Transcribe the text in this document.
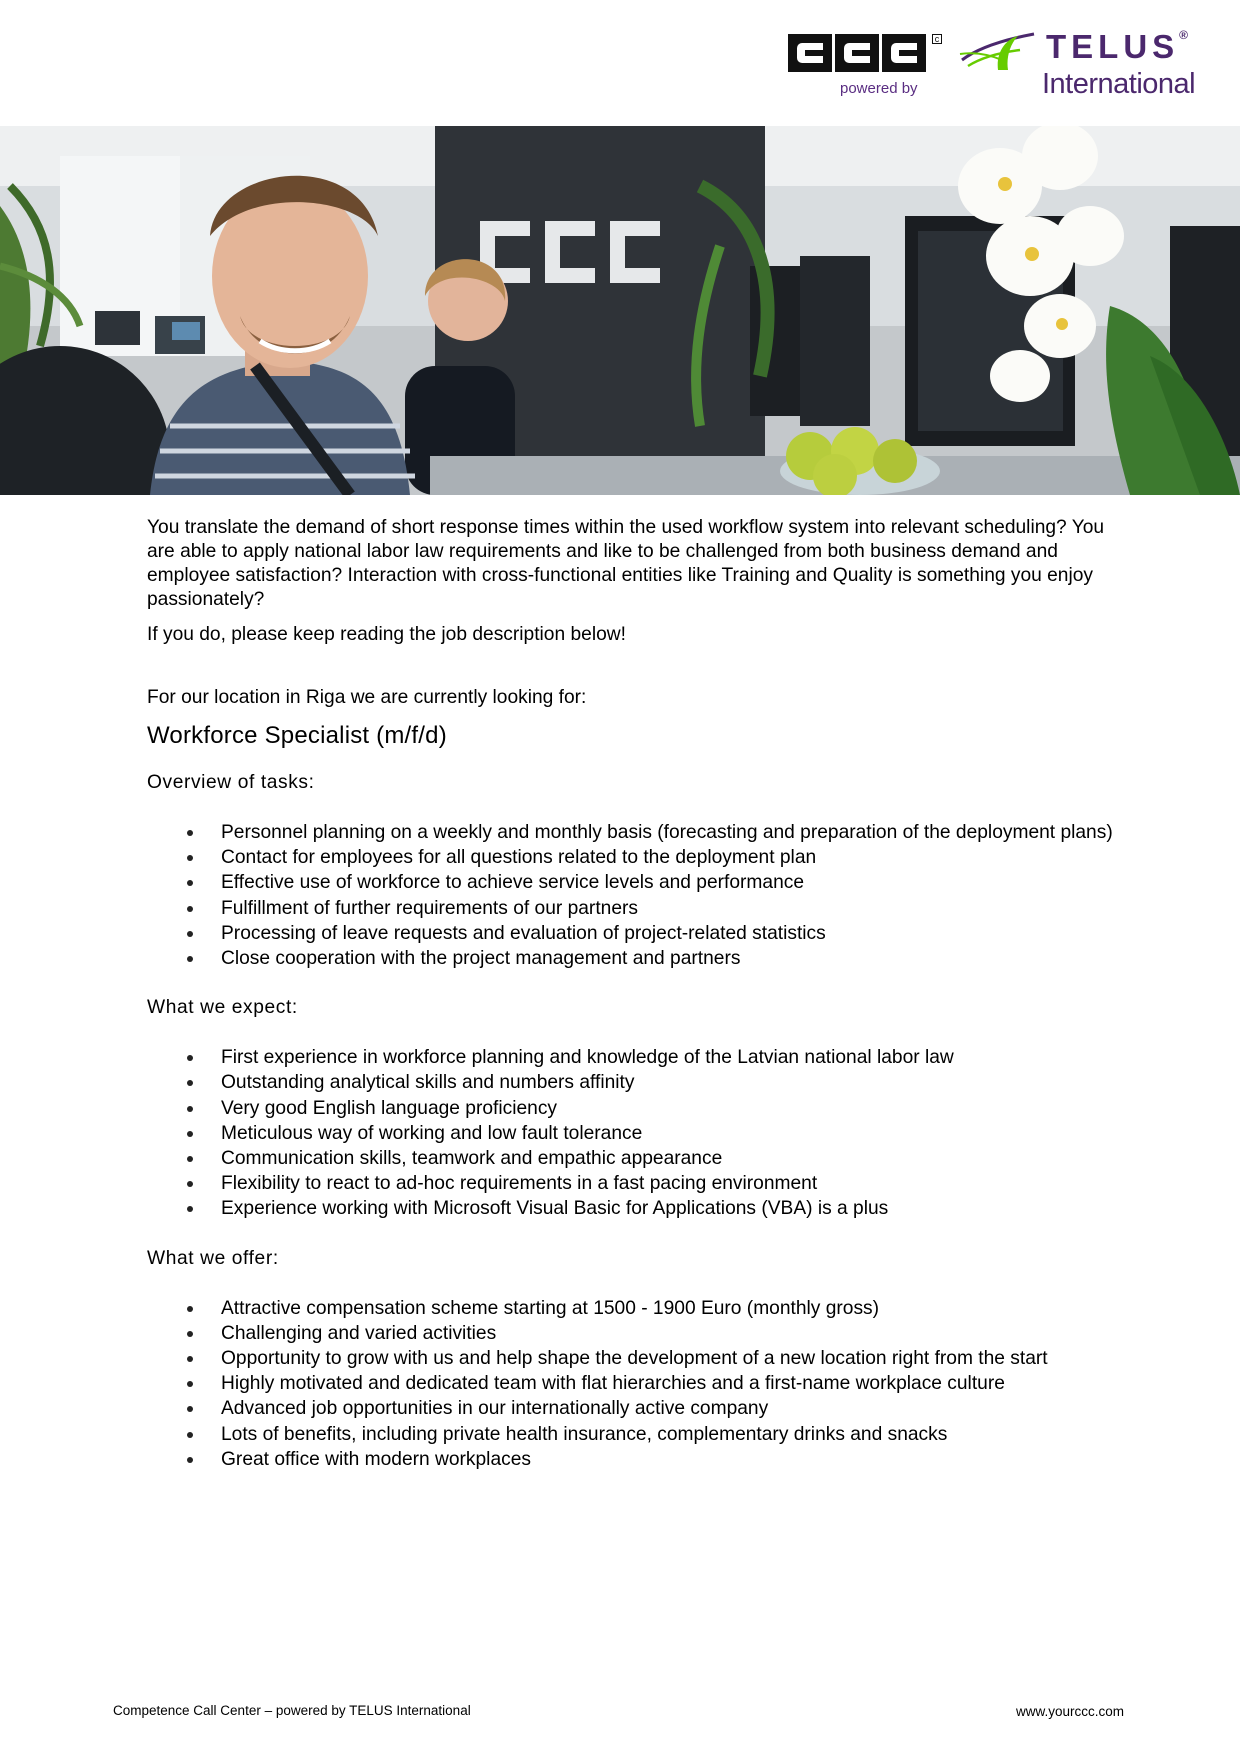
c
powered by
TELUS®
International

You translate the demand of short response times within the used workflow system into relevant scheduling? You are able to apply national labor law requirements and like to be challenged from both business demand and employee satisfaction? Interaction with cross-functional entities like Training and Quality is something you enjoy passionately?

If you do, please keep reading the job description below!

For our location in Riga we are currently looking for:

Workforce Specialist (m/f/d)
Overview of tasks:
Personnel planning on a weekly and monthly basis (forecasting and preparation of the deployment plans)
Contact for employees for all questions related to the deployment plan
Effective use of workforce to achieve service levels and performance
Fulfillment of further requirements of our partners
Processing of leave requests and evaluation of project-related statistics
Close cooperation with the project management and partners
What we expect:
First experience in workforce planning and knowledge of the Latvian national labor law
Outstanding analytical skills and numbers affinity
Very good English language proficiency
Meticulous way of working and low fault tolerance
Communication skills, teamwork and empathic appearance
Flexibility to react to ad-hoc requirements in a fast pacing environment
Experience working with Microsoft Visual Basic for Applications (VBA) is a plus
What we offer:
Attractive compensation scheme starting at 1500 - 1900 Euro (monthly gross)
Challenging and varied activities
Opportunity to grow with us and help shape the development of a new location right from the start
Highly motivated and dedicated team with flat hierarchies and a first-name workplace culture
Advanced job opportunities in our internationally active company
Lots of benefits, including private health insurance, complementary drinks and snacks
Great office with modern workplaces
Competence Call Center – powered by TELUS International	www.yourccc.com
